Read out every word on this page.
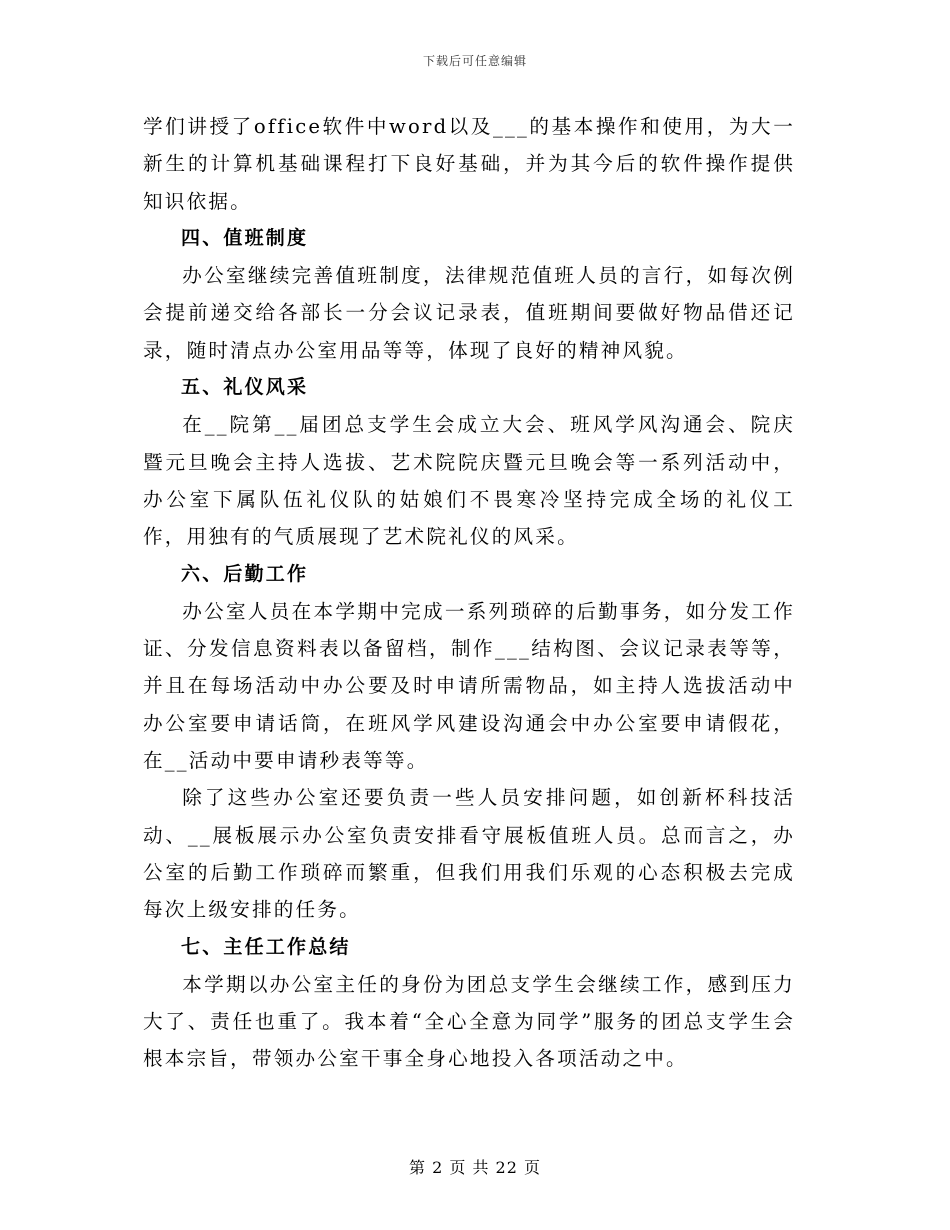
下载后可任意编辑

学们讲授了office软件中word以及___的基本操作和使用，为大一新生的计算机基础课程打下良好基础，并为其今后的软件操作提供知识依据。

四、值班制度

办公室继续完善值班制度，法律规范值班人员的言行，如每次例会提前递交给各部长一分会议记录表，值班期间要做好物品借还记录，随时清点办公室用品等等，体现了良好的精神风貌。

五、礼仪风采

在__院第__届团总支学生会成立大会、班风学风沟通会、院庆暨元旦晚会主持人选拔、艺术院院庆暨元旦晚会等一系列活动中，办公室下属队伍礼仪队的姑娘们不畏寒冷坚持完成全场的礼仪工作，用独有的气质展现了艺术院礼仪的风采。

六、后勤工作

办公室人员在本学期中完成一系列琐碎的后勤事务，如分发工作证、分发信息资料表以备留档，制作___结构图、会议记录表等等，并且在每场活动中办公要及时申请所需物品，如主持人选拔活动中办公室要申请话筒，在班风学风建设沟通会中办公室要申请假花，在__活动中要申请秒表等等。

除了这些办公室还要负责一些人员安排问题，如创新杯科技活动、__展板展示办公室负责安排看守展板值班人员。总而言之，办公室的后勤工作琐碎而繁重，但我们用我们乐观的心态积极去完成每次上级安排的任务。

七、主任工作总结

本学期以办公室主任的身份为团总支学生会继续工作，感到压力大了、责任也重了。我本着“全心全意为同学”服务的团总支学生会根本宗旨，带领办公室干事全身心地投入各项活动之中。

第 2 页 共 22 页
